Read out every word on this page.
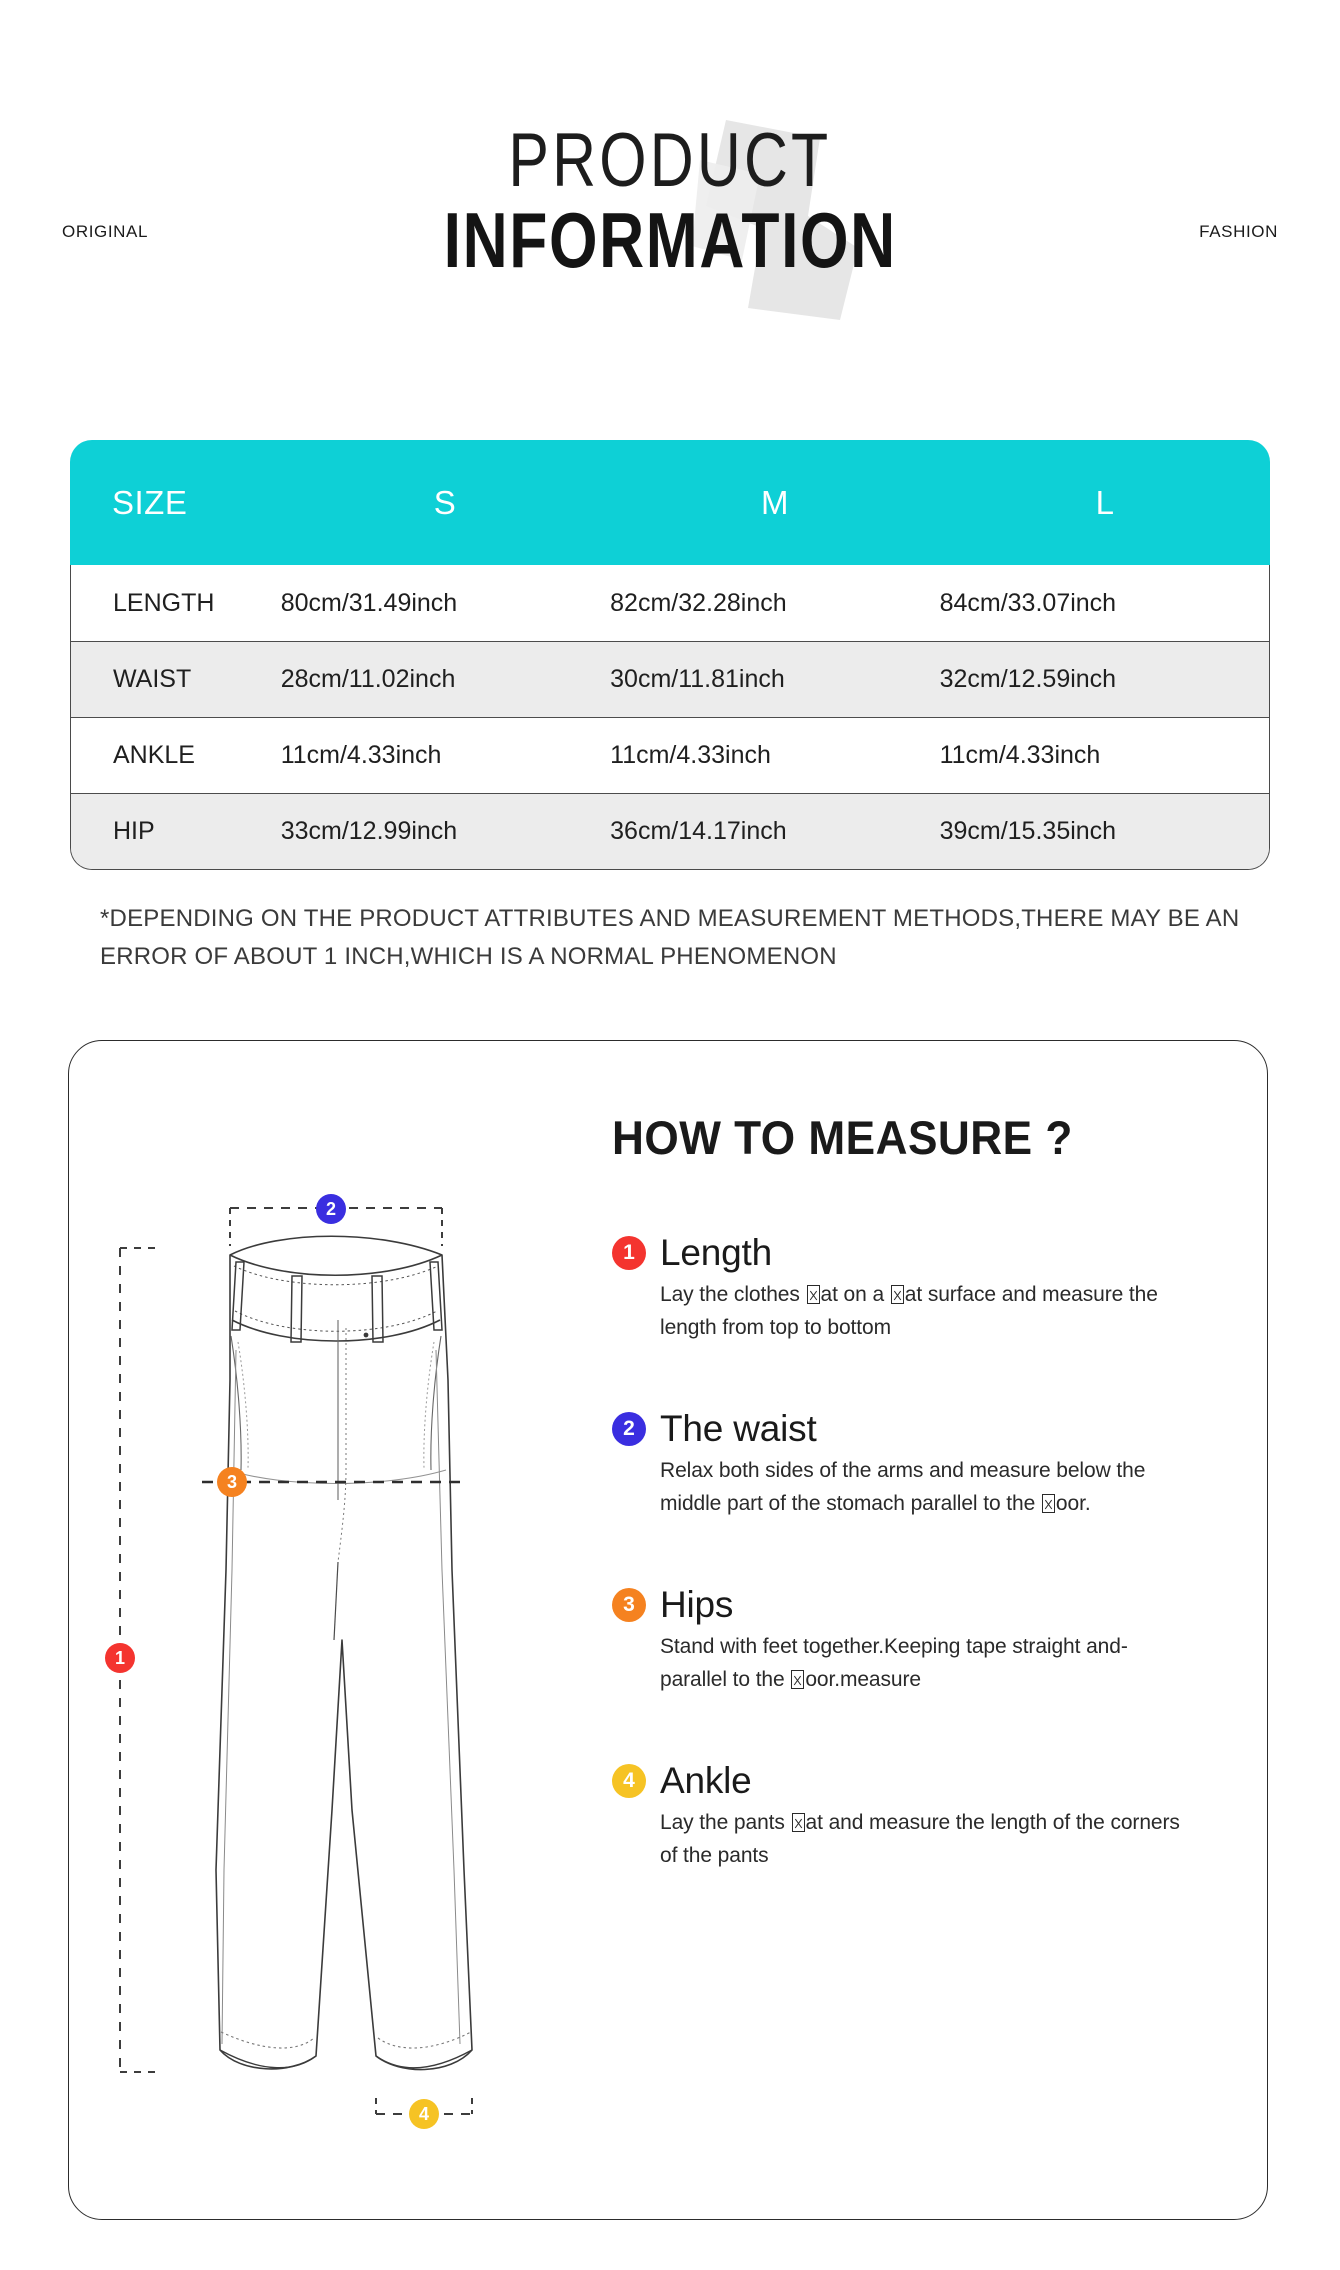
ORIGINAL	FASHION
PRODUCT
INFORMATION
SIZE	S	M	L
LENGTH	80cm/31.49inch	82cm/32.28inch	84cm/33.07inch
WAIST	28cm/11.02inch	30cm/11.81inch	32cm/12.59inch
ANKLE	11cm/4.33inch	11cm/4.33inch	11cm/4.33inch
HIP	33cm/12.99inch	36cm/14.17inch	39cm/15.35inch
*DEPENDING ON THE PRODUCT ATTRIBUTES AND MEASUREMENT METHODS,THERE MAY BE AN ERROR OF ABOUT 1 INCH,WHICH IS A NORMAL PHENOMENON
HOW TO MEASURE ?
2
3
1
4
1 Length
Lay the clothes at on a at surface and measure the length from top to bottom
2 The waist
Relax both sides of the arms and measure below the middle part of the stomach parallel to the oor.
3 Hips
Stand with feet together.Keeping tape straight and-parallel to the oor.measure
4 Ankle
Lay the pants at and measure the length of the corners of the pants
